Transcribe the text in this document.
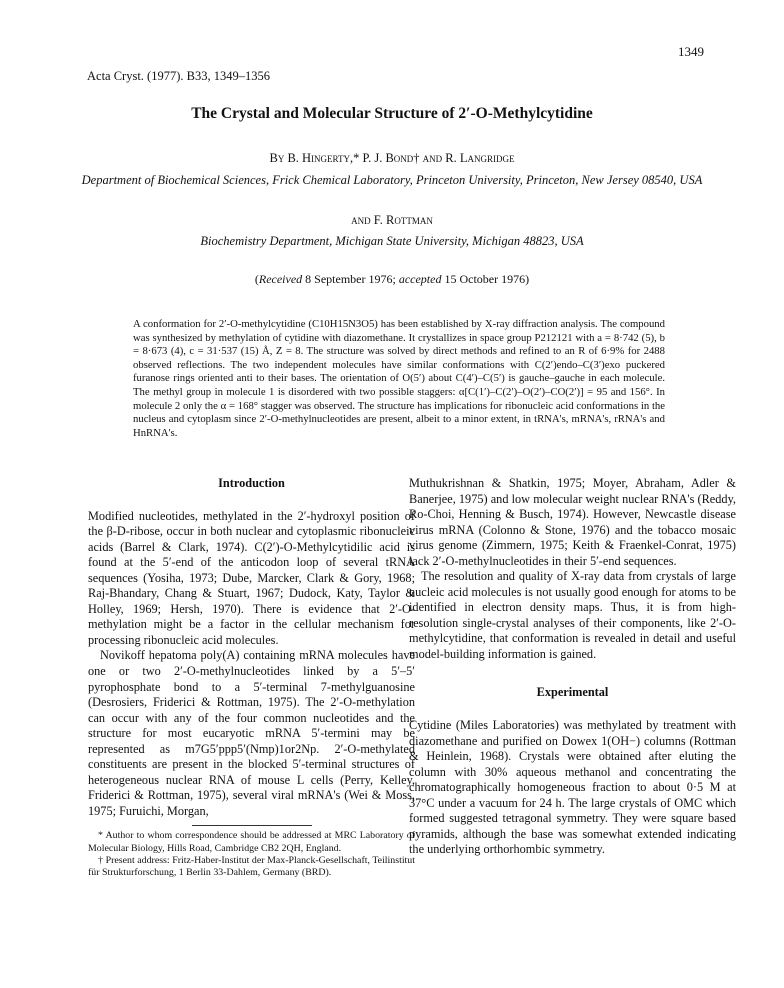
1349
Acta Cryst. (1977). B33, 1349–1356
The Crystal and Molecular Structure of 2′-O-Methylcytidine
By B. Hingerty,* P. J. Bond† and R. Langridge
Department of Biochemical Sciences, Frick Chemical Laboratory, Princeton University, Princeton, New Jersey 08540, USA
and F. Rottman
Biochemistry Department, Michigan State University, Michigan 48823, USA
(Received 8 September 1976; accepted 15 October 1976)
A conformation for 2′-O-methylcytidine (C10H15N3O5) has been established by X-ray diffraction analysis. The compound was synthesized by methylation of cytidine with diazomethane. It crystallizes in space group P212121 with a = 8·742 (5), b = 8·673 (4), c = 31·537 (15) Å, Z = 8. The structure was solved by direct methods and refined to an R of 6·9% for 2488 observed reflections. The two independent molecules have similar conformations with C(2′)endo–C(3′)exo puckered furanose rings oriented anti to their bases. The orientation of O(5′) about C(4′)–C(5′) is gauche–gauche in each molecule. The methyl group in molecule 1 is disordered with two possible staggers: α[C(1′)–C(2′)–O(2′)–CO(2′)] = 95 and 156°. In molecule 2 only the α = 168° stagger was observed. The structure has implications for ribonucleic acid conformations in the nucleus and cytoplasm since 2′-O-methylnucleotides are present, albeit to a minor extent, in tRNA's, mRNA's, rRNA's and HnRNA's.
Introduction

Modified nucleotides, methylated in the 2′-hydroxyl position of the β-D-ribose, occur in both nuclear and cytoplasmic ribonucleic acids (Barrel & Clark, 1974). C(2′)-O-Methylcytidilic acid is found at the 5′-end of the anticodon loop of several tRNA sequences (Yosiha, 1973; Dube, Marcker, Clark & Gory, 1968; Raj-Bhandary, Chang & Stuart, 1967; Dudock, Katy, Taylor & Holley, 1969; Hersh, 1970). There is evidence that 2′-O-methylation might be a factor in the cellular mechanism for processing ribonucleic acid molecules.

Novikoff hepatoma poly(A) containing mRNA molecules have one or two 2′-O-methylnucleotides linked by a 5′–5′ pyrophosphate bond to a 5′-terminal 7-methylguanosine (Desrosiers, Friderici & Rottman, 1975). The 2′-O-methylation can occur with any of the four common nucleotides and the structure for most eucaryotic mRNA 5′-termini may be represented as m7G5′ppp5′(Nmp)1or2Np. 2′-O-methylated constituents are present in the blocked 5′-terminal structures of heterogeneous nuclear RNA of mouse L cells (Perry, Kelley, Friderici & Rottman, 1975), several viral mRNA's (Wei & Moss, 1975; Furuichi, Morgan,

* Author to whom correspondence should be addressed at MRC Laboratory of Molecular Biology, Hills Road, Cambridge CB2 2QH, England.

† Present address: Fritz-Haber-Institut der Max-Planck-Gesellschaft, Teilinstitut für Strukturforschung, 1 Berlin 33-Dahlem, Germany (BRD).

Muthukrishnan & Shatkin, 1975; Moyer, Abraham, Adler & Banerjee, 1975) and low molecular weight nuclear RNA's (Reddy, Ro-Choi, Henning & Busch, 1974). However, Newcastle disease virus mRNA (Colonno & Stone, 1976) and the tobacco mosaic virus genome (Zimmern, 1975; Keith & Fraenkel-Conrat, 1975) lack 2′-O-methylnucleotides in their 5′-end sequences.

The resolution and quality of X-ray data from crystals of large nucleic acid molecules is not usually good enough for atoms to be identified in electron density maps. Thus, it is from high-resolution single-crystal analyses of their components, like 2′-O-methylcytidine, that conformation is revealed in detail and useful model-building information is gained.

Experimental

Cytidine (Miles Laboratories) was methylated by treatment with diazomethane and purified on Dowex 1(OH−) columns (Rottman & Heinlein, 1968). Crystals were obtained after eluting the column with 30% aqueous methanol and concentrating the chromatographically homogeneous fraction to about 0·5 M at 37°C under a vacuum for 24 h. The large crystals of OMC which formed suggested tetragonal symmetry. They were square based pyramids, although the base was somewhat extended indicating the underlying orthorhombic symmetry.
